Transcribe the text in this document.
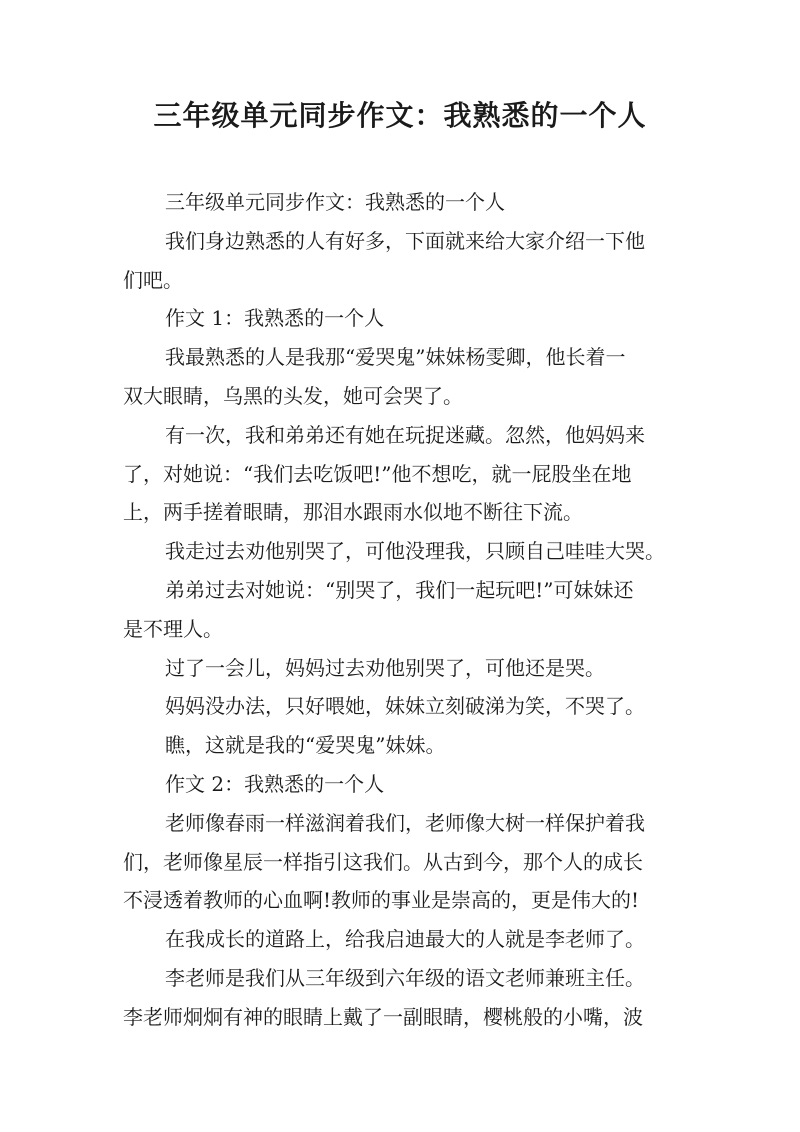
三年级单元同步作文：我熟悉的一个人
三年级单元同步作文：我熟悉的一个人
我们身边熟悉的人有好多，下面就来给大家介绍一下他
们吧。
作文 1：我熟悉的一个人
我最熟悉的人是我那“爱哭鬼”妹妹杨雯卿，他长着一
双大眼睛，乌黑的头发，她可会哭了。
有一次，我和弟弟还有她在玩捉迷藏。忽然，他妈妈来
了，对她说：“我们去吃饭吧!”他不想吃，就一屁股坐在地
上，两手搓着眼睛，那泪水跟雨水似地不断往下流。
我走过去劝他别哭了，可他没理我，只顾自己哇哇大哭。
弟弟过去对她说：“别哭了，我们一起玩吧!”可妹妹还
是不理人。
过了一会儿，妈妈过去劝他别哭了，可他还是哭。
妈妈没办法，只好喂她，妹妹立刻破涕为笑，不哭了。
瞧，这就是我的“爱哭鬼”妹妹。
作文 2：我熟悉的一个人
老师像春雨一样滋润着我们，老师像大树一样保护着我
们，老师像星辰一样指引这我们。从古到今，那个人的成长
不浸透着教师的心血啊!教师的事业是崇高的，更是伟大的!
在我成长的道路上，给我启迪最大的人就是李老师了。
李老师是我们从三年级到六年级的语文老师兼班主任。
李老师炯炯有神的眼睛上戴了一副眼睛，樱桃般的小嘴，波
